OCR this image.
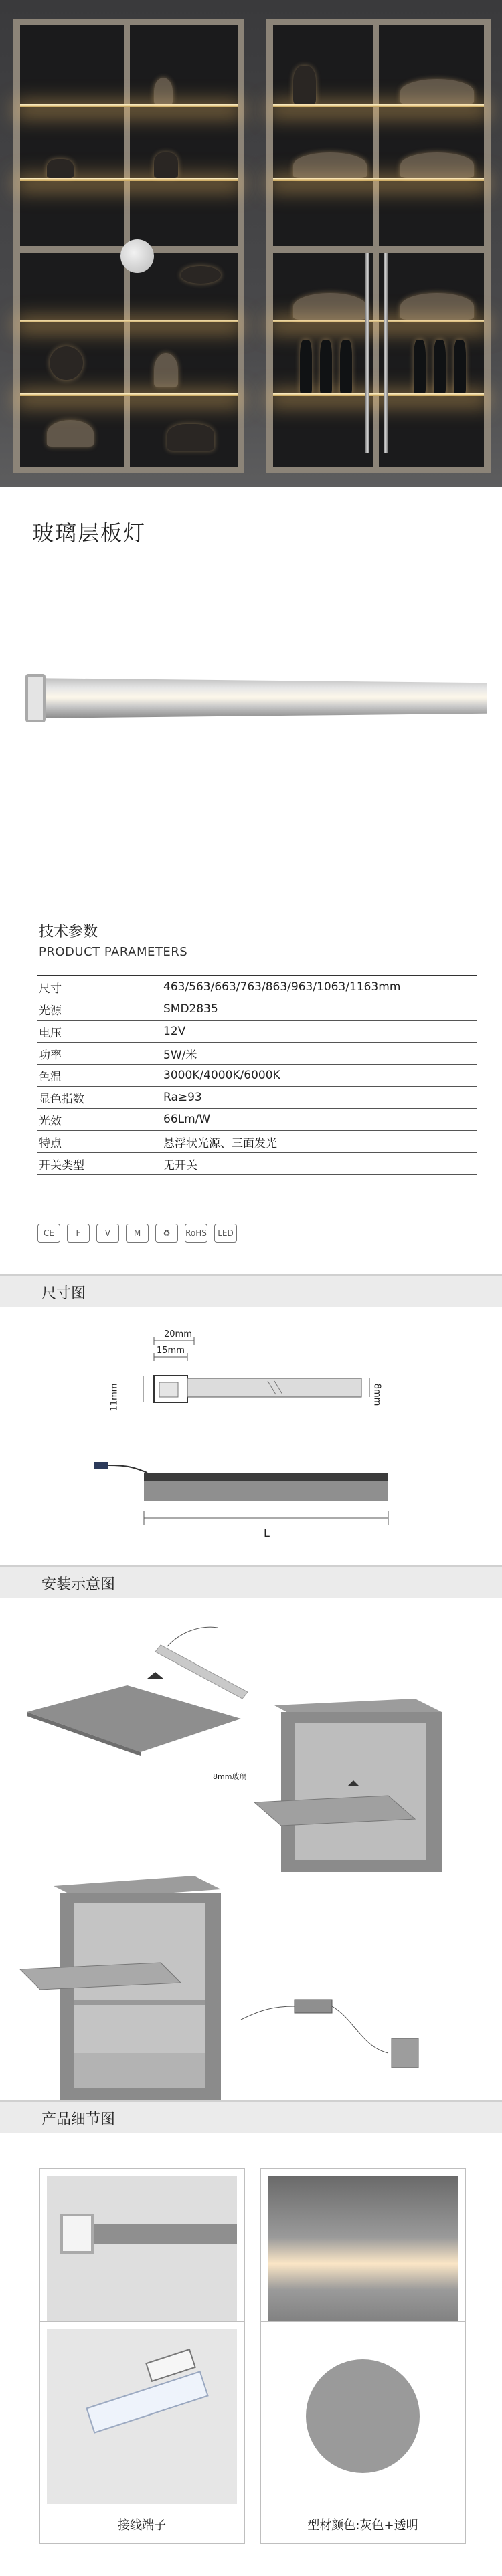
玻璃层板灯
技术参数
PRODUCT PARAMETERS
尺寸	463/563/663/763/863/963/1063/1163mm
光源	SMD2835
电压	12V
功率	5W/米
色温	3000K/4000K/6000K
显色指数	Ra≥93
光效	66Lm/W
特点	悬浮状光源、三面发光
开关类型	无开关
CE	F	V	M	♻	RoHS	LED
尺寸图
20mm
15mm
11mm	8mm
L
安装示意图
8mm玻璃
产品细节图
接线端子	型材颜色:灰色+透明
